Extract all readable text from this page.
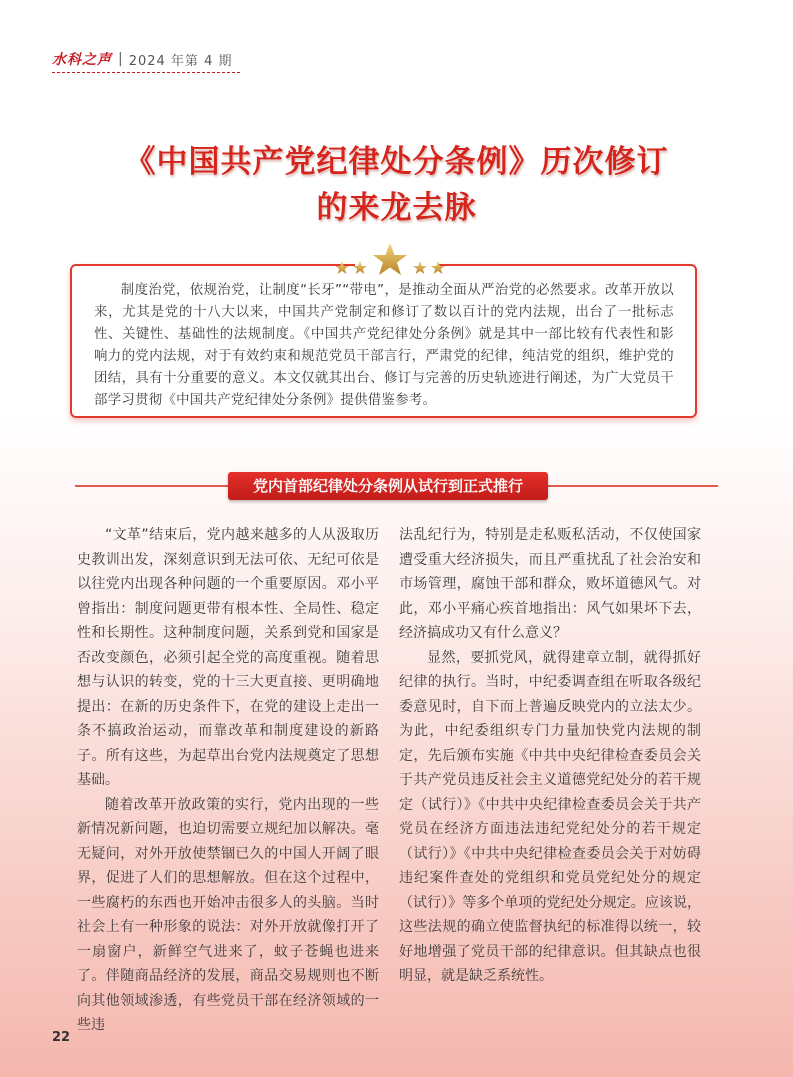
水科之声 | 2024 年第 4 期
《中国共产党纪律处分条例》历次修订
的来龙去脉
制度治党，依规治党，让制度“长牙”“带电”，是推动全面从严治党的必然要求。改革开放以来，尤其是党的十八大以来，中国共产党制定和修订了数以百计的党内法规，出台了一批标志性、关键性、基础性的法规制度。《中国共产党纪律处分条例》就是其中一部比较有代表性和影响力的党内法规，对于有效约束和规范党员干部言行，严肃党的纪律，纯洁党的组织，维护党的团结，具有十分重要的意义。本文仅就其出台、修订与完善的历史轨迹进行阐述，为广大党员干部学习贯彻《中国共产党纪律处分条例》提供借鉴参考。
党内首部纪律处分条例从试行到正式推行

“文革”结束后，党内越来越多的人从汲取历史教训出发，深刻意识到无法可依、无纪可依是以往党内出现各种问题的一个重要原因。邓小平曾指出：制度问题更带有根本性、全局性、稳定性和长期性。这种制度问题，关系到党和国家是否改变颜色，必须引起全党的高度重视。随着思想与认识的转变，党的十三大更直接、更明确地提出：在新的历史条件下，在党的建设上走出一条不搞政治运动，而靠改革和制度建设的新路子。所有这些，为起草出台党内法规奠定了思想基础。

随着改革开放政策的实行，党内出现的一些新情况新问题，也迫切需要立规纪加以解决。毫无疑问，对外开放使禁锢已久的中国人开阔了眼界，促进了人们的思想解放。但在这个过程中，一些腐朽的东西也开始冲击很多人的头脑。当时社会上有一种形象的说法：对外开放就像打开了一扇窗户，新鲜空气进来了，蚊子苍蝇也进来了。伴随商品经济的发展，商品交易规则也不断向其他领域渗透，有些党员干部在经济领域的一些违

法乱纪行为，特别是走私贩私活动，不仅使国家遭受重大经济损失，而且严重扰乱了社会治安和市场管理，腐蚀干部和群众，败坏道德风气。对此，邓小平痛心疾首地指出：风气如果坏下去，经济搞成功又有什么意义？

显然，要抓党风，就得建章立制，就得抓好纪律的执行。当时，中纪委调查组在听取各级纪委意见时，自下而上普遍反映党内的立法太少。为此，中纪委组织专门力量加快党内法规的制定，先后颁布实施《中共中央纪律检查委员会关于共产党员违反社会主义道德党纪处分的若干规定（试行）》《中共中央纪律检查委员会关于共产党员在经济方面违法违纪党纪处分的若干规定（试行）》《中共中央纪律检查委员会关于对妨碍违纪案件查处的党组织和党员党纪处分的规定（试行）》等多个单项的党纪处分规定。应该说，这些法规的确立使监督执纪的标准得以统一，较好地增强了党员干部的纪律意识。但其缺点也很明显，就是缺乏系统性。

22
